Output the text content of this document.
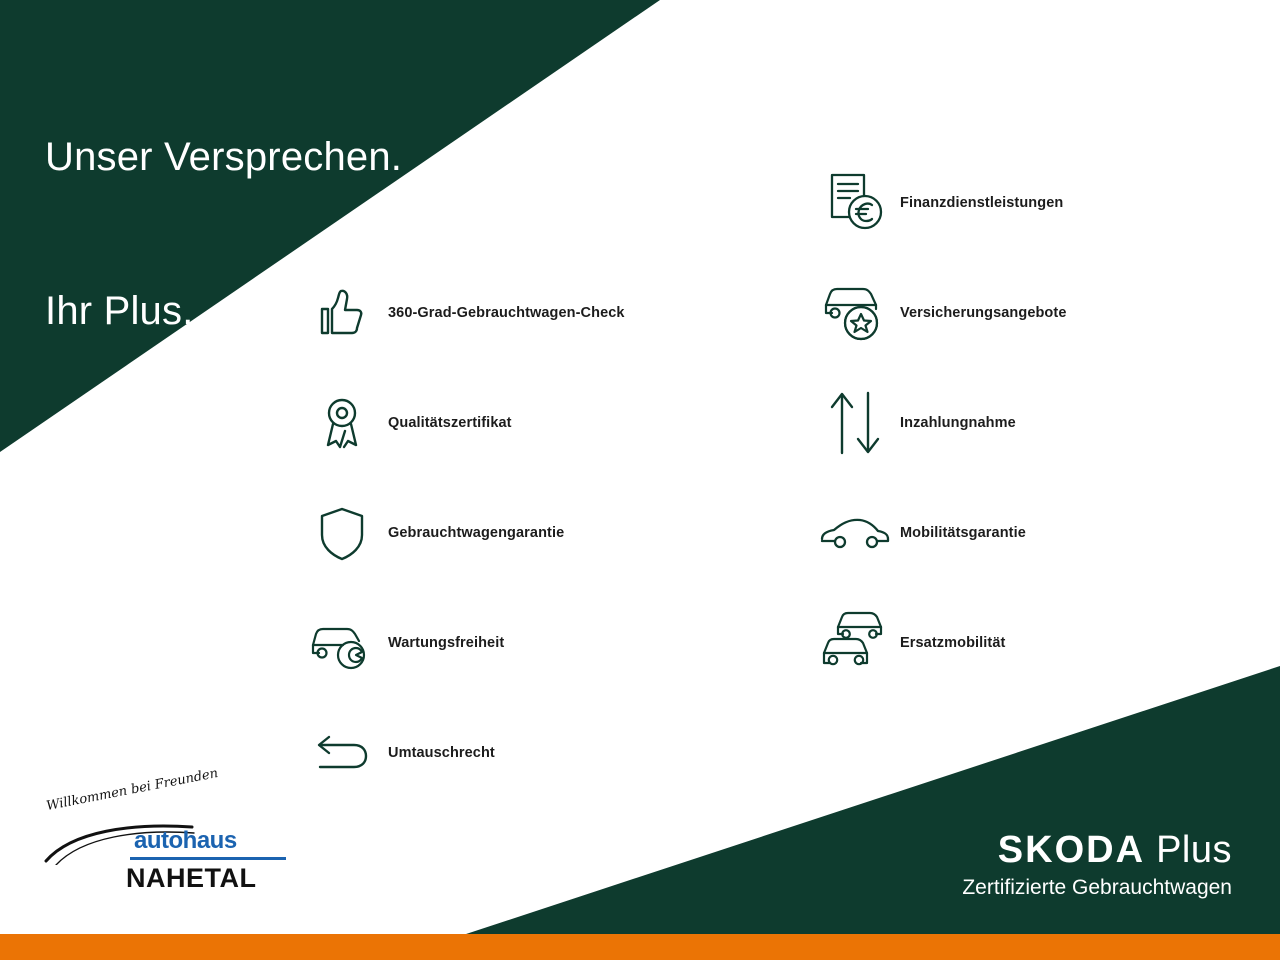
Unser Versprechen.

Ihr Plus.

	360-Grad-Gebrauchtwagen-Check
Qualitätszertifikat
Gebrauchtwagengarantie
Wartungsfreiheit
Umtauschrecht
Finanzdienstleistungen
Versicherungsangebote
Inzahlungnahme
Mobilitätsgarantie
Ersatzmobilität
Willkommen bei Freunden
autohaus
NAHETAL
SKODA Plus
Zertifizierte Gebrauchtwagen
